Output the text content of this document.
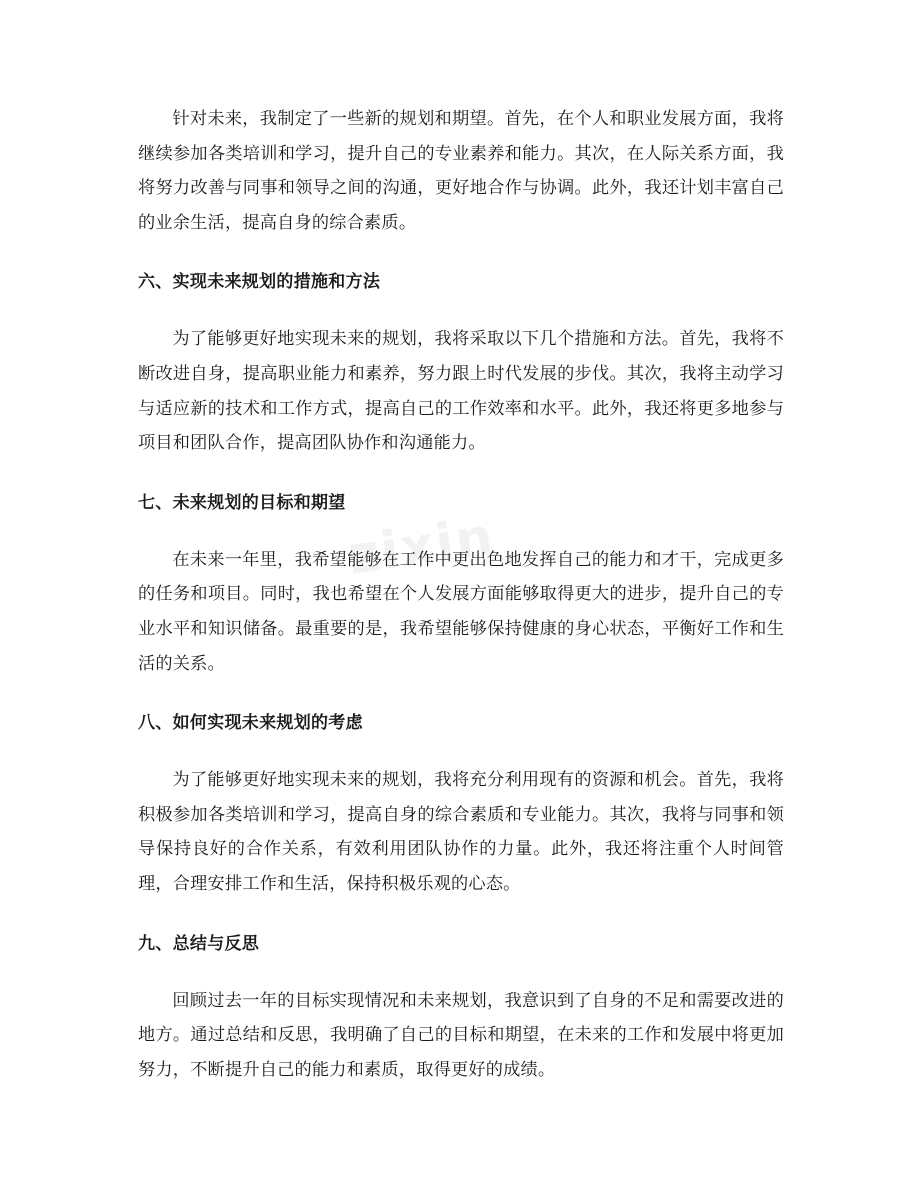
zixin

针对未来，我制定了一些新的规划和期望。首先，在个人和职业发展方面，我将继续参加各类培训和学习，提升自己的专业素养和能力。其次，在人际关系方面，我将努力改善与同事和领导之间的沟通，更好地合作与协调。此外，我还计划丰富自己的业余生活，提高自身的综合素质。

六、实现未来规划的措施和方法

为了能够更好地实现未来的规划，我将采取以下几个措施和方法。首先，我将不断改进自身，提高职业能力和素养，努力跟上时代发展的步伐。其次，我将主动学习与适应新的技术和工作方式，提高自己的工作效率和水平。此外，我还将更多地参与项目和团队合作，提高团队协作和沟通能力。

七、未来规划的目标和期望

在未来一年里，我希望能够在工作中更出色地发挥自己的能力和才干，完成更多的任务和项目。同时，我也希望在个人发展方面能够取得更大的进步，提升自己的专业水平和知识储备。最重要的是，我希望能够保持健康的身心状态，平衡好工作和生活的关系。

八、如何实现未来规划的考虑

为了能够更好地实现未来的规划，我将充分利用现有的资源和机会。首先，我将积极参加各类培训和学习，提高自身的综合素质和专业能力。其次，我将与同事和领导保持良好的合作关系，有效利用团队协作的力量。此外，我还将注重个人时间管理，合理安排工作和生活，保持积极乐观的心态。

九、总结与反思

回顾过去一年的目标实现情况和未来规划，我意识到了自身的不足和需要改进的地方。通过总结和反思，我明确了自己的目标和期望，在未来的工作和发展中将更加努力，不断提升自己的能力和素质，取得更好的成绩。
